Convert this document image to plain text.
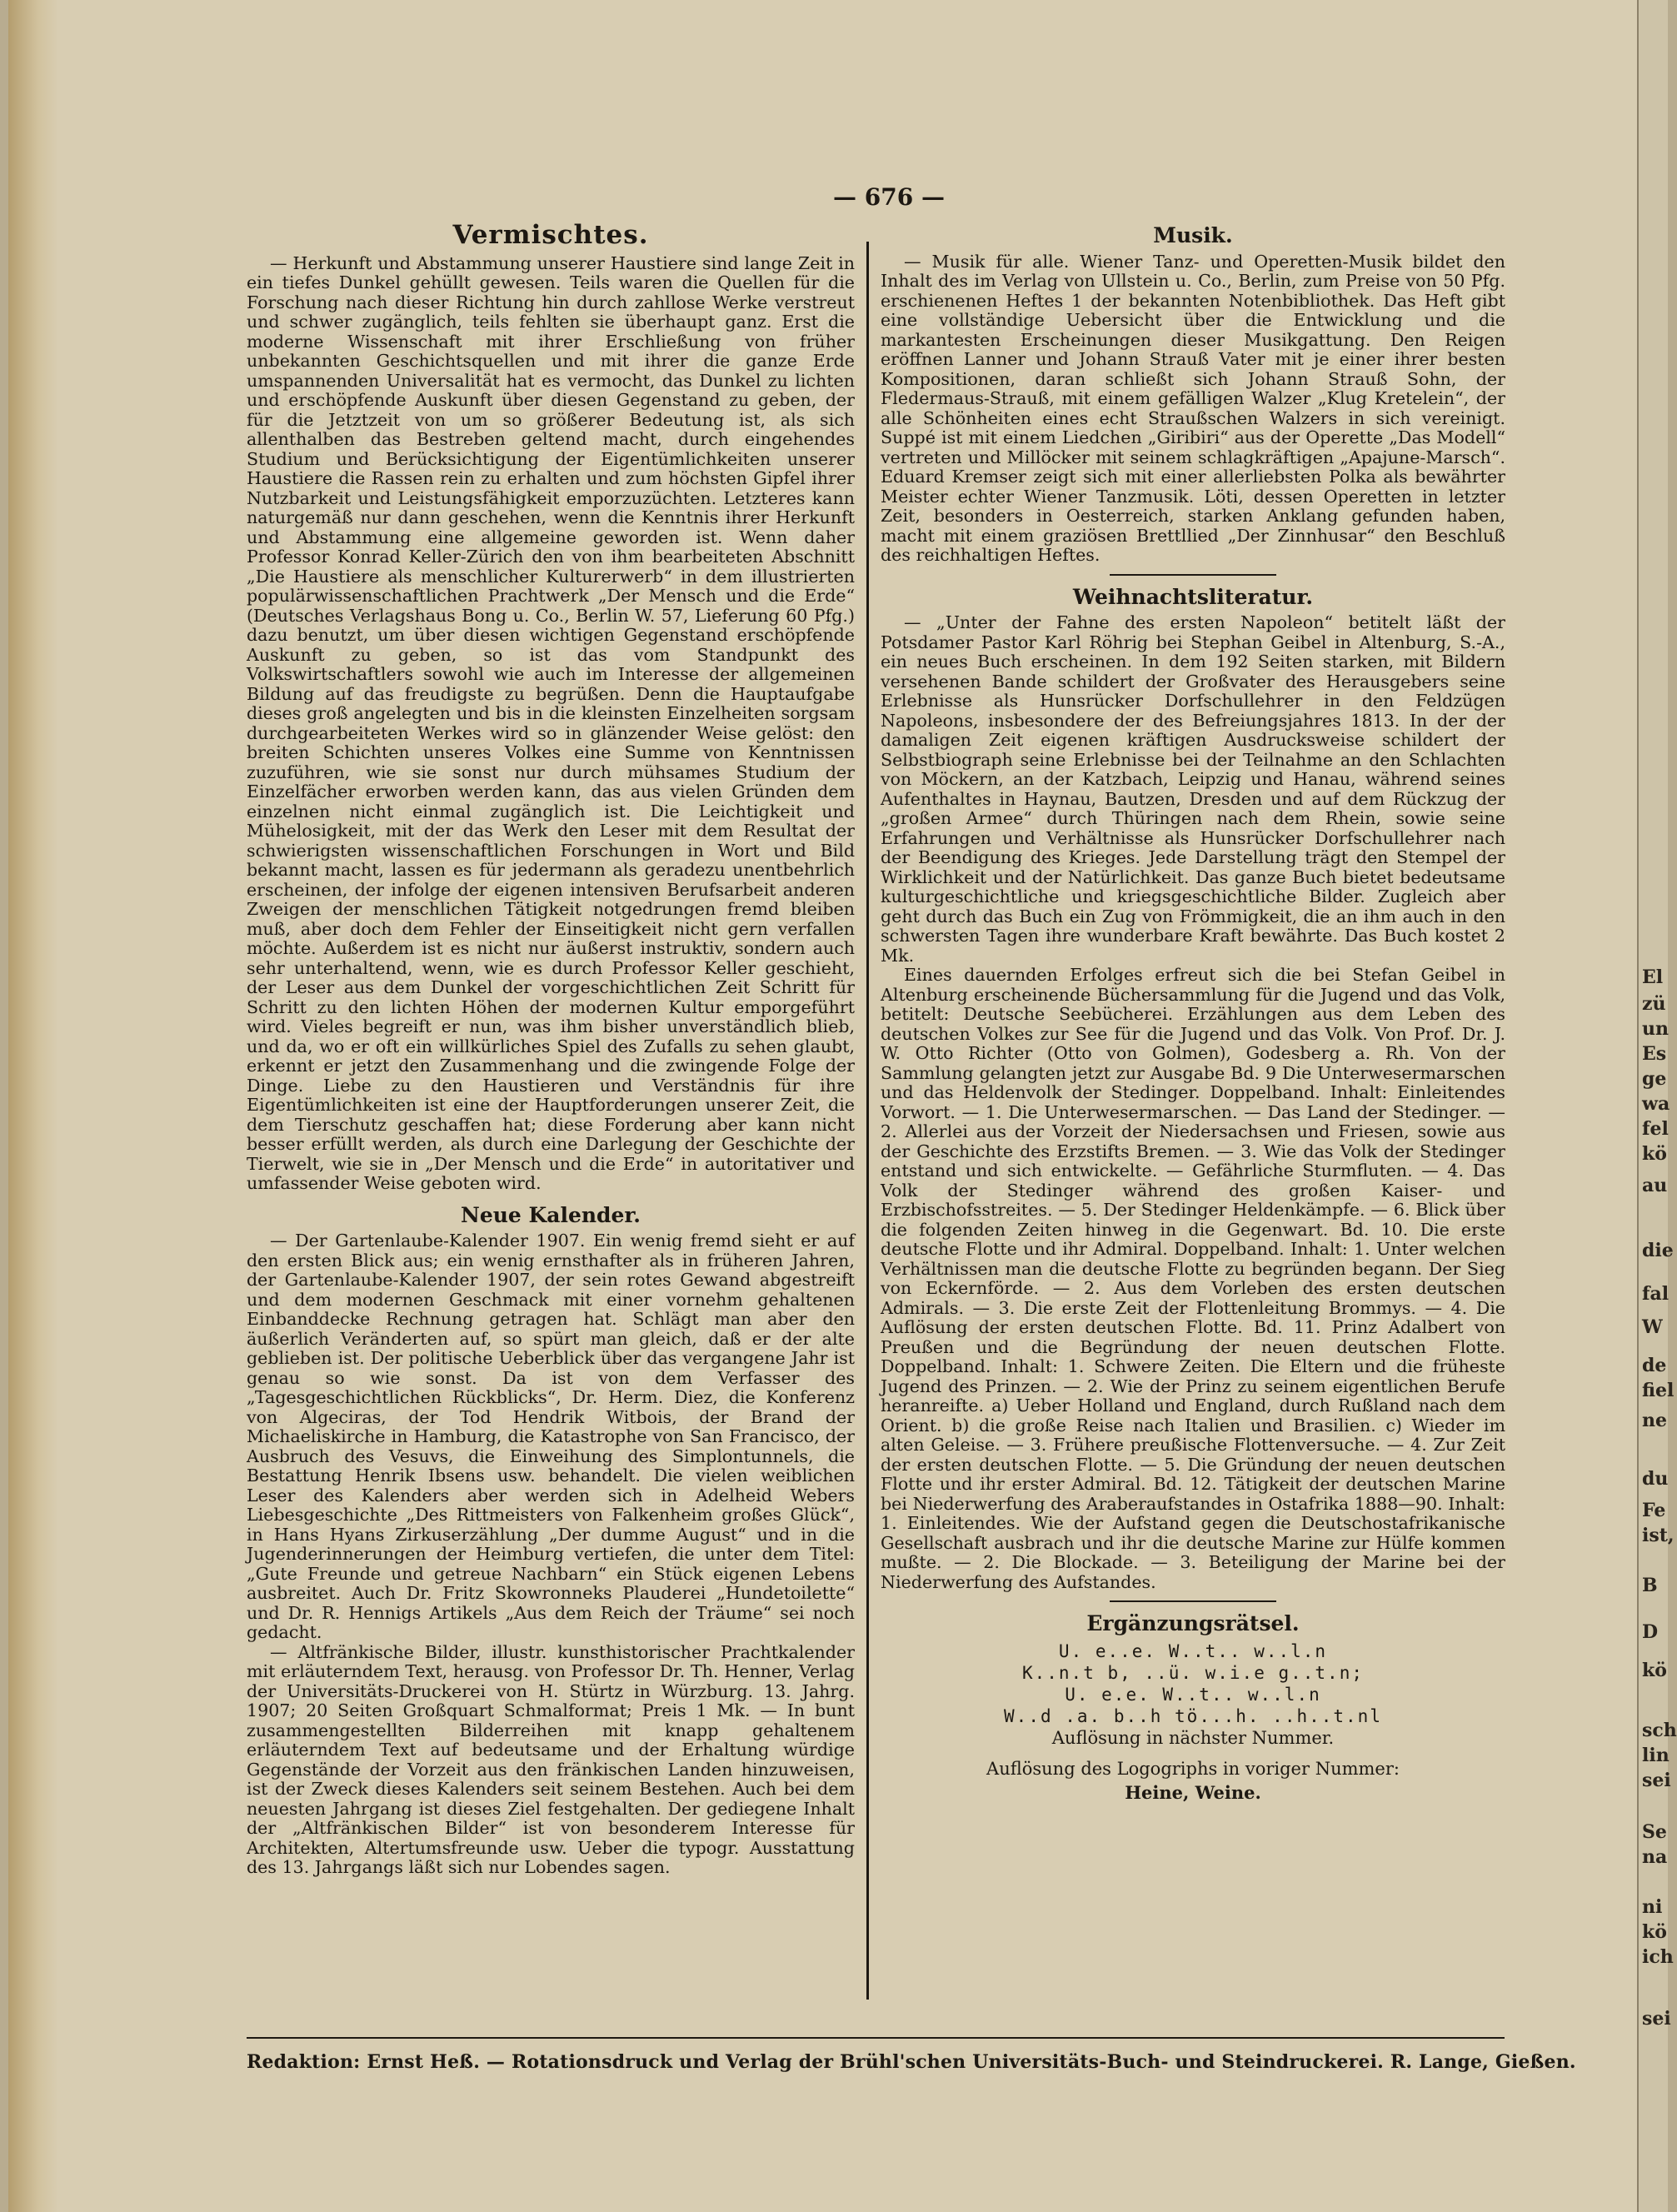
El
zü
un
Es
ge
wa
fel
kö
au
die
fal
W
de
fiel
ne
du
Fe
ist,
B
D
kö
sch
lin
sei
Se
na
ni
kö
ich
sei
— 676 —
Vermischtes.

— Herkunft und Abstammung unserer Haustiere sind lange Zeit in ein tiefes Dunkel gehüllt gewesen. Teils waren die Quellen für die Forschung nach dieser Richtung hin durch zahllose Werke verstreut und schwer zugänglich, teils fehlten sie überhaupt ganz. Erst die moderne Wissenschaft mit ihrer Erschließung von früher unbekannten Geschichtsquellen und mit ihrer die ganze Erde umspannenden Universalität hat es vermocht, das Dunkel zu lichten und erschöpfende Auskunft über diesen Gegenstand zu geben, der für die Jetztzeit von um so größerer Bedeutung ist, als sich allenthalben das Bestreben geltend macht, durch eingehendes Studium und Berücksichtigung der Eigentümlichkeiten unserer Haustiere die Rassen rein zu erhalten und zum höchsten Gipfel ihrer Nutzbarkeit und Leistungsfähigkeit emporzuzüchten. Letzteres kann naturgemäß nur dann geschehen, wenn die Kenntnis ihrer Herkunft und Abstammung eine allgemeine geworden ist. Wenn daher Professor Konrad Keller-Zürich den von ihm bearbeiteten Abschnitt „Die Haustiere als menschlicher Kulturerwerb“ in dem illustrierten populärwissenschaftlichen Prachtwerk „Der Mensch und die Erde“ (Deutsches Verlagshaus Bong u. Co., Berlin W. 57, Lieferung 60 Pfg.) dazu benutzt, um über diesen wichtigen Gegenstand erschöpfende Auskunft zu geben, so ist das vom Standpunkt des Volkswirtschaftlers sowohl wie auch im Interesse der allgemeinen Bildung auf das freudigste zu begrüßen. Denn die Hauptaufgabe dieses groß angelegten und bis in die kleinsten Einzelheiten sorgsam durchgearbeiteten Werkes wird so in glänzender Weise gelöst: den breiten Schichten unseres Volkes eine Summe von Kenntnissen zuzuführen, wie sie sonst nur durch mühsames Studium der Einzelfächer erworben werden kann, das aus vielen Gründen dem einzelnen nicht einmal zugänglich ist. Die Leichtigkeit und Mühelosigkeit, mit der das Werk den Leser mit dem Resultat der schwierigsten wissenschaftlichen Forschungen in Wort und Bild bekannt macht, lassen es für jedermann als geradezu unentbehrlich erscheinen, der infolge der eigenen intensiven Berufsarbeit anderen Zweigen der menschlichen Tätigkeit notgedrungen fremd bleiben muß, aber doch dem Fehler der Einseitigkeit nicht gern verfallen möchte. Außerdem ist es nicht nur äußerst instruktiv, sondern auch sehr unterhaltend, wenn, wie es durch Professor Keller geschieht, der Leser aus dem Dunkel der vorgeschichtlichen Zeit Schritt für Schritt zu den lichten Höhen der modernen Kultur emporgeführt wird. Vieles begreift er nun, was ihm bisher unverständlich blieb, und da, wo er oft ein willkürliches Spiel des Zufalls zu sehen glaubt, erkennt er jetzt den Zusammenhang und die zwingende Folge der Dinge. Liebe zu den Haustieren und Verständnis für ihre Eigentümlichkeiten ist eine der Hauptforderungen unserer Zeit, die dem Tierschutz geschaffen hat; diese Forderung aber kann nicht besser erfüllt werden, als durch eine Darlegung der Geschichte der Tierwelt, wie sie in „Der Mensch und die Erde“ in autoritativer und umfassender Weise geboten wird.

Neue Kalender.

— Der Gartenlaube-Kalender 1907. Ein wenig fremd sieht er auf den ersten Blick aus; ein wenig ernsthafter als in früheren Jahren, der Gartenlaube-Kalender 1907, der sein rotes Gewand abgestreift und dem modernen Geschmack mit einer vornehm gehaltenen Einbanddecke Rechnung getragen hat. Schlägt man aber den äußerlich Veränderten auf, so spürt man gleich, daß er der alte geblieben ist. Der politische Ueberblick über das vergangene Jahr ist genau so wie sonst. Da ist von dem Verfasser des „Tagesgeschichtlichen Rückblicks“, Dr. Herm. Diez, die Konferenz von Algeciras, der Tod Hendrik Witbois, der Brand der Michaeliskirche in Hamburg, die Katastrophe von San Francisco, der Ausbruch des Vesuvs, die Einweihung des Simplontunnels, die Bestattung Henrik Ibsens usw. behandelt. Die vielen weiblichen Leser des Kalenders aber werden sich in Adelheid Webers Liebesgeschichte „Des Rittmeisters von Falkenheim großes Glück“, in Hans Hyans Zirkuserzählung „Der dumme August“ und in die Jugenderinnerungen der Heimburg vertiefen, die unter dem Titel: „Gute Freunde und getreue Nachbarn“ ein Stück eigenen Lebens ausbreitet. Auch Dr. Fritz Skowronneks Plauderei „Hundetoilette“ und Dr. R. Hennigs Artikels „Aus dem Reich der Träume“ sei noch gedacht.

— Altfränkische Bilder, illustr. kunsthistorischer Prachtkalender mit erläuterndem Text, herausg. von Professor Dr. Th. Henner, Verlag der Universitäts-Druckerei von H. Stürtz in Würzburg. 13. Jahrg. 1907; 20 Seiten Großquart Schmalformat; Preis 1 Mk. — In bunt zusammengestellten Bilderreihen mit knapp gehaltenem erläuterndem Text auf bedeutsame und der Erhaltung würdige Gegenstände der Vorzeit aus den fränkischen Landen hinzuweisen, ist der Zweck dieses Kalenders seit seinem Bestehen. Auch bei dem neuesten Jahrgang ist dieses Ziel festgehalten. Der gediegene Inhalt der „Altfränkischen Bilder“ ist von besonderem Interesse für Architekten, Altertumsfreunde usw. Ueber die typogr. Ausstattung des 13. Jahrgangs läßt sich nur Lobendes sagen.

Musik.

— Musik für alle. Wiener Tanz- und Operetten-Musik bildet den Inhalt des im Verlag von Ullstein u. Co., Berlin, zum Preise von 50 Pfg. erschienenen Heftes 1 der bekannten Notenbibliothek. Das Heft gibt eine vollständige Uebersicht über die Entwicklung und die markantesten Erscheinungen dieser Musikgattung. Den Reigen eröffnen Lanner und Johann Strauß Vater mit je einer ihrer besten Kompositionen, daran schließt sich Johann Strauß Sohn, der Fledermaus-Strauß, mit einem gefälligen Walzer „Klug Kretelein“, der alle Schönheiten eines echt Straußschen Walzers in sich vereinigt. Suppé ist mit einem Liedchen „Giribiri“ aus der Operette „Das Modell“ vertreten und Millöcker mit seinem schlagkräftigen „Apajune-Marsch“. Eduard Kremser zeigt sich mit einer allerliebsten Polka als bewährter Meister echter Wiener Tanzmusik. Löti, dessen Operetten in letzter Zeit, besonders in Oesterreich, starken Anklang gefunden haben, macht mit einem graziösen Brettllied „Der Zinnhusar“ den Beschluß des reichhaltigen Heftes.

Weihnachtsliteratur.

— „Unter der Fahne des ersten Napoleon“ betitelt läßt der Potsdamer Pastor Karl Röhrig bei Stephan Geibel in Altenburg, S.-A., ein neues Buch erscheinen. In dem 192 Seiten starken, mit Bildern versehenen Bande schildert der Großvater des Herausgebers seine Erlebnisse als Hunsrücker Dorfschullehrer in den Feldzügen Napoleons, insbesondere der des Befreiungsjahres 1813. In der der damaligen Zeit eigenen kräftigen Ausdrucksweise schildert der Selbstbiograph seine Erlebnisse bei der Teilnahme an den Schlachten von Möckern, an der Katzbach, Leipzig und Hanau, während seines Aufenthaltes in Haynau, Bautzen, Dresden und auf dem Rückzug der „großen Armee“ durch Thüringen nach dem Rhein, sowie seine Erfahrungen und Verhältnisse als Hunsrücker Dorfschullehrer nach der Beendigung des Krieges. Jede Darstellung trägt den Stempel der Wirklichkeit und der Natürlichkeit. Das ganze Buch bietet bedeutsame kulturgeschichtliche und kriegsgeschichtliche Bilder. Zugleich aber geht durch das Buch ein Zug von Frömmigkeit, die an ihm auch in den schwersten Tagen ihre wunderbare Kraft bewährte. Das Buch kostet 2 Mk.

Eines dauernden Erfolges erfreut sich die bei Stefan Geibel in Altenburg erscheinende Büchersammlung für die Jugend und das Volk, betitelt: Deutsche Seebücherei. Erzählungen aus dem Leben des deutschen Volkes zur See für die Jugend und das Volk. Von Prof. Dr. J. W. Otto Richter (Otto von Golmen), Godesberg a. Rh. Von der Sammlung gelangten jetzt zur Ausgabe Bd. 9 Die Unterwesermarschen und das Heldenvolk der Stedinger. Doppelband. Inhalt: Einleitendes Vorwort. — 1. Die Unterwesermarschen. — Das Land der Stedinger. — 2. Allerlei aus der Vorzeit der Niedersachsen und Friesen, sowie aus der Geschichte des Erzstifts Bremen. — 3. Wie das Volk der Stedinger entstand und sich entwickelte. — Gefährliche Sturmfluten. — 4. Das Volk der Stedinger während des großen Kaiser- und Erzbischofsstreites. — 5. Der Stedinger Heldenkämpfe. — 6. Blick über die folgenden Zeiten hinweg in die Gegenwart. Bd. 10. Die erste deutsche Flotte und ihr Admiral. Doppelband. Inhalt: 1. Unter welchen Verhältnissen man die deutsche Flotte zu begründen begann. Der Sieg von Eckernförde. — 2. Aus dem Vorleben des ersten deutschen Admirals. — 3. Die erste Zeit der Flottenleitung Brommys. — 4. Die Auflösung der ersten deutschen Flotte. Bd. 11. Prinz Adalbert von Preußen und die Begründung der neuen deutschen Flotte. Doppelband. Inhalt: 1. Schwere Zeiten. Die Eltern und die früheste Jugend des Prinzen. — 2. Wie der Prinz zu seinem eigentlichen Berufe heranreifte. a) Ueber Holland und England, durch Rußland nach dem Orient. b) die große Reise nach Italien und Brasilien. c) Wieder im alten Geleise. — 3. Frühere preußische Flottenversuche. — 4. Zur Zeit der ersten deutschen Flotte. — 5. Die Gründung der neuen deutschen Flotte und ihr erster Admiral. Bd. 12. Tätigkeit der deutschen Marine bei Niederwerfung des Araberaufstandes in Ostafrika 1888—90. Inhalt: 1. Einleitendes. Wie der Aufstand gegen die Deutschostafrikanische Gesellschaft ausbrach und ihr die deutsche Marine zur Hülfe kommen mußte. — 2. Die Blockade. — 3. Beteiligung der Marine bei der Niederwerfung des Aufstandes.

Ergänzungsrätsel.
U. e..e. W..t.. w..l.n
K..n.t b, ..ü. w.i.e g..t.n;
U. e.e. W..t.. w..l.n
W..d .a. b..h tö...h. ..h..t.nl
Auflösung in nächster Nummer.
Auflösung des Logogriphs in voriger Nummer:
Heine, Weine.
Redaktion: Ernst Heß. — Rotationsdruck und Verlag der Brühl'schen Universitäts-Buch- und Steindruckerei. R. Lange, Gießen.
